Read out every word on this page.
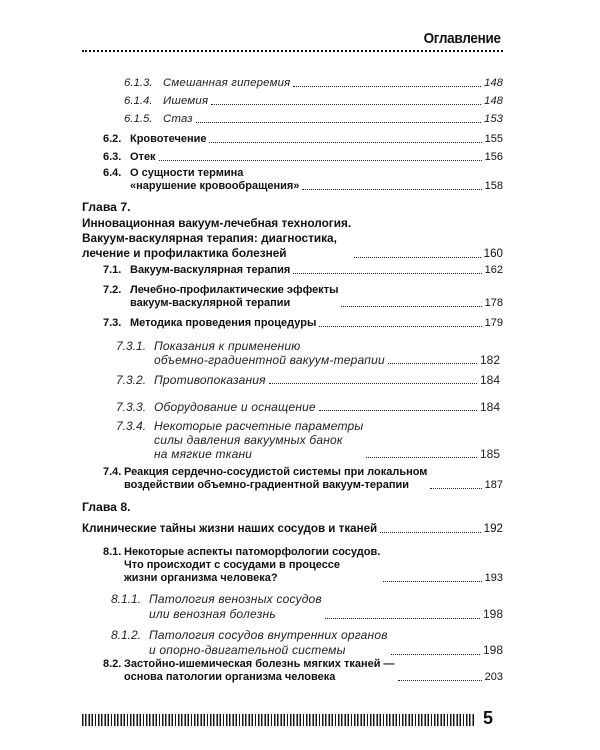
Оглавление
6.1.3. Смешанная гиперемия	148
6.1.4. Ишемия	148
6.1.5. Стаз	153
6.2. Кровотечение	155
6.3. Отек	156
6.4. О сущности термина
«нарушение кровообращения»	158
Глава 7.
Инновационная вакуум-лечебная технология.
Вакуум-васкулярная терапия: диагностика,
лечение и профилактика болезней	160
7.1. Вакуум-васкулярная терапия	162
7.2. Лечебно-профилактические эффекты
вакуум-васкулярной терапии	178
7.3. Методика проведения процедуры	179
7.3.1. Показания к применению
объемно-градиентной вакуум-терапии	182
7.3.2. Противопоказания	184
7.3.3. Оборудование и оснащение	184
7.3.4. Некоторые расчетные параметры
силы давления вакуумных банок
на мягкие ткани	185
7.4. Реакция сердечно-сосудистой системы при локальном
воздействии объемно-градиентной вакуум-терапии	187
Глава 8.
Клинические тайны жизни наших сосудов и тканей	192
8.1. Некоторые аспекты патоморфологии сосудов.
Что происходит с сосудами в процессе
жизни организма человека?	193
8.1.1. Патология венозных сосудов
или венозная болезнь	198
8.1.2. Патология сосудов внутренних органов
и опорно-двигательной системы	198
8.2. Застойно-ишемическая болезнь мягких тканей —
основа патологии организма человека	203
5
